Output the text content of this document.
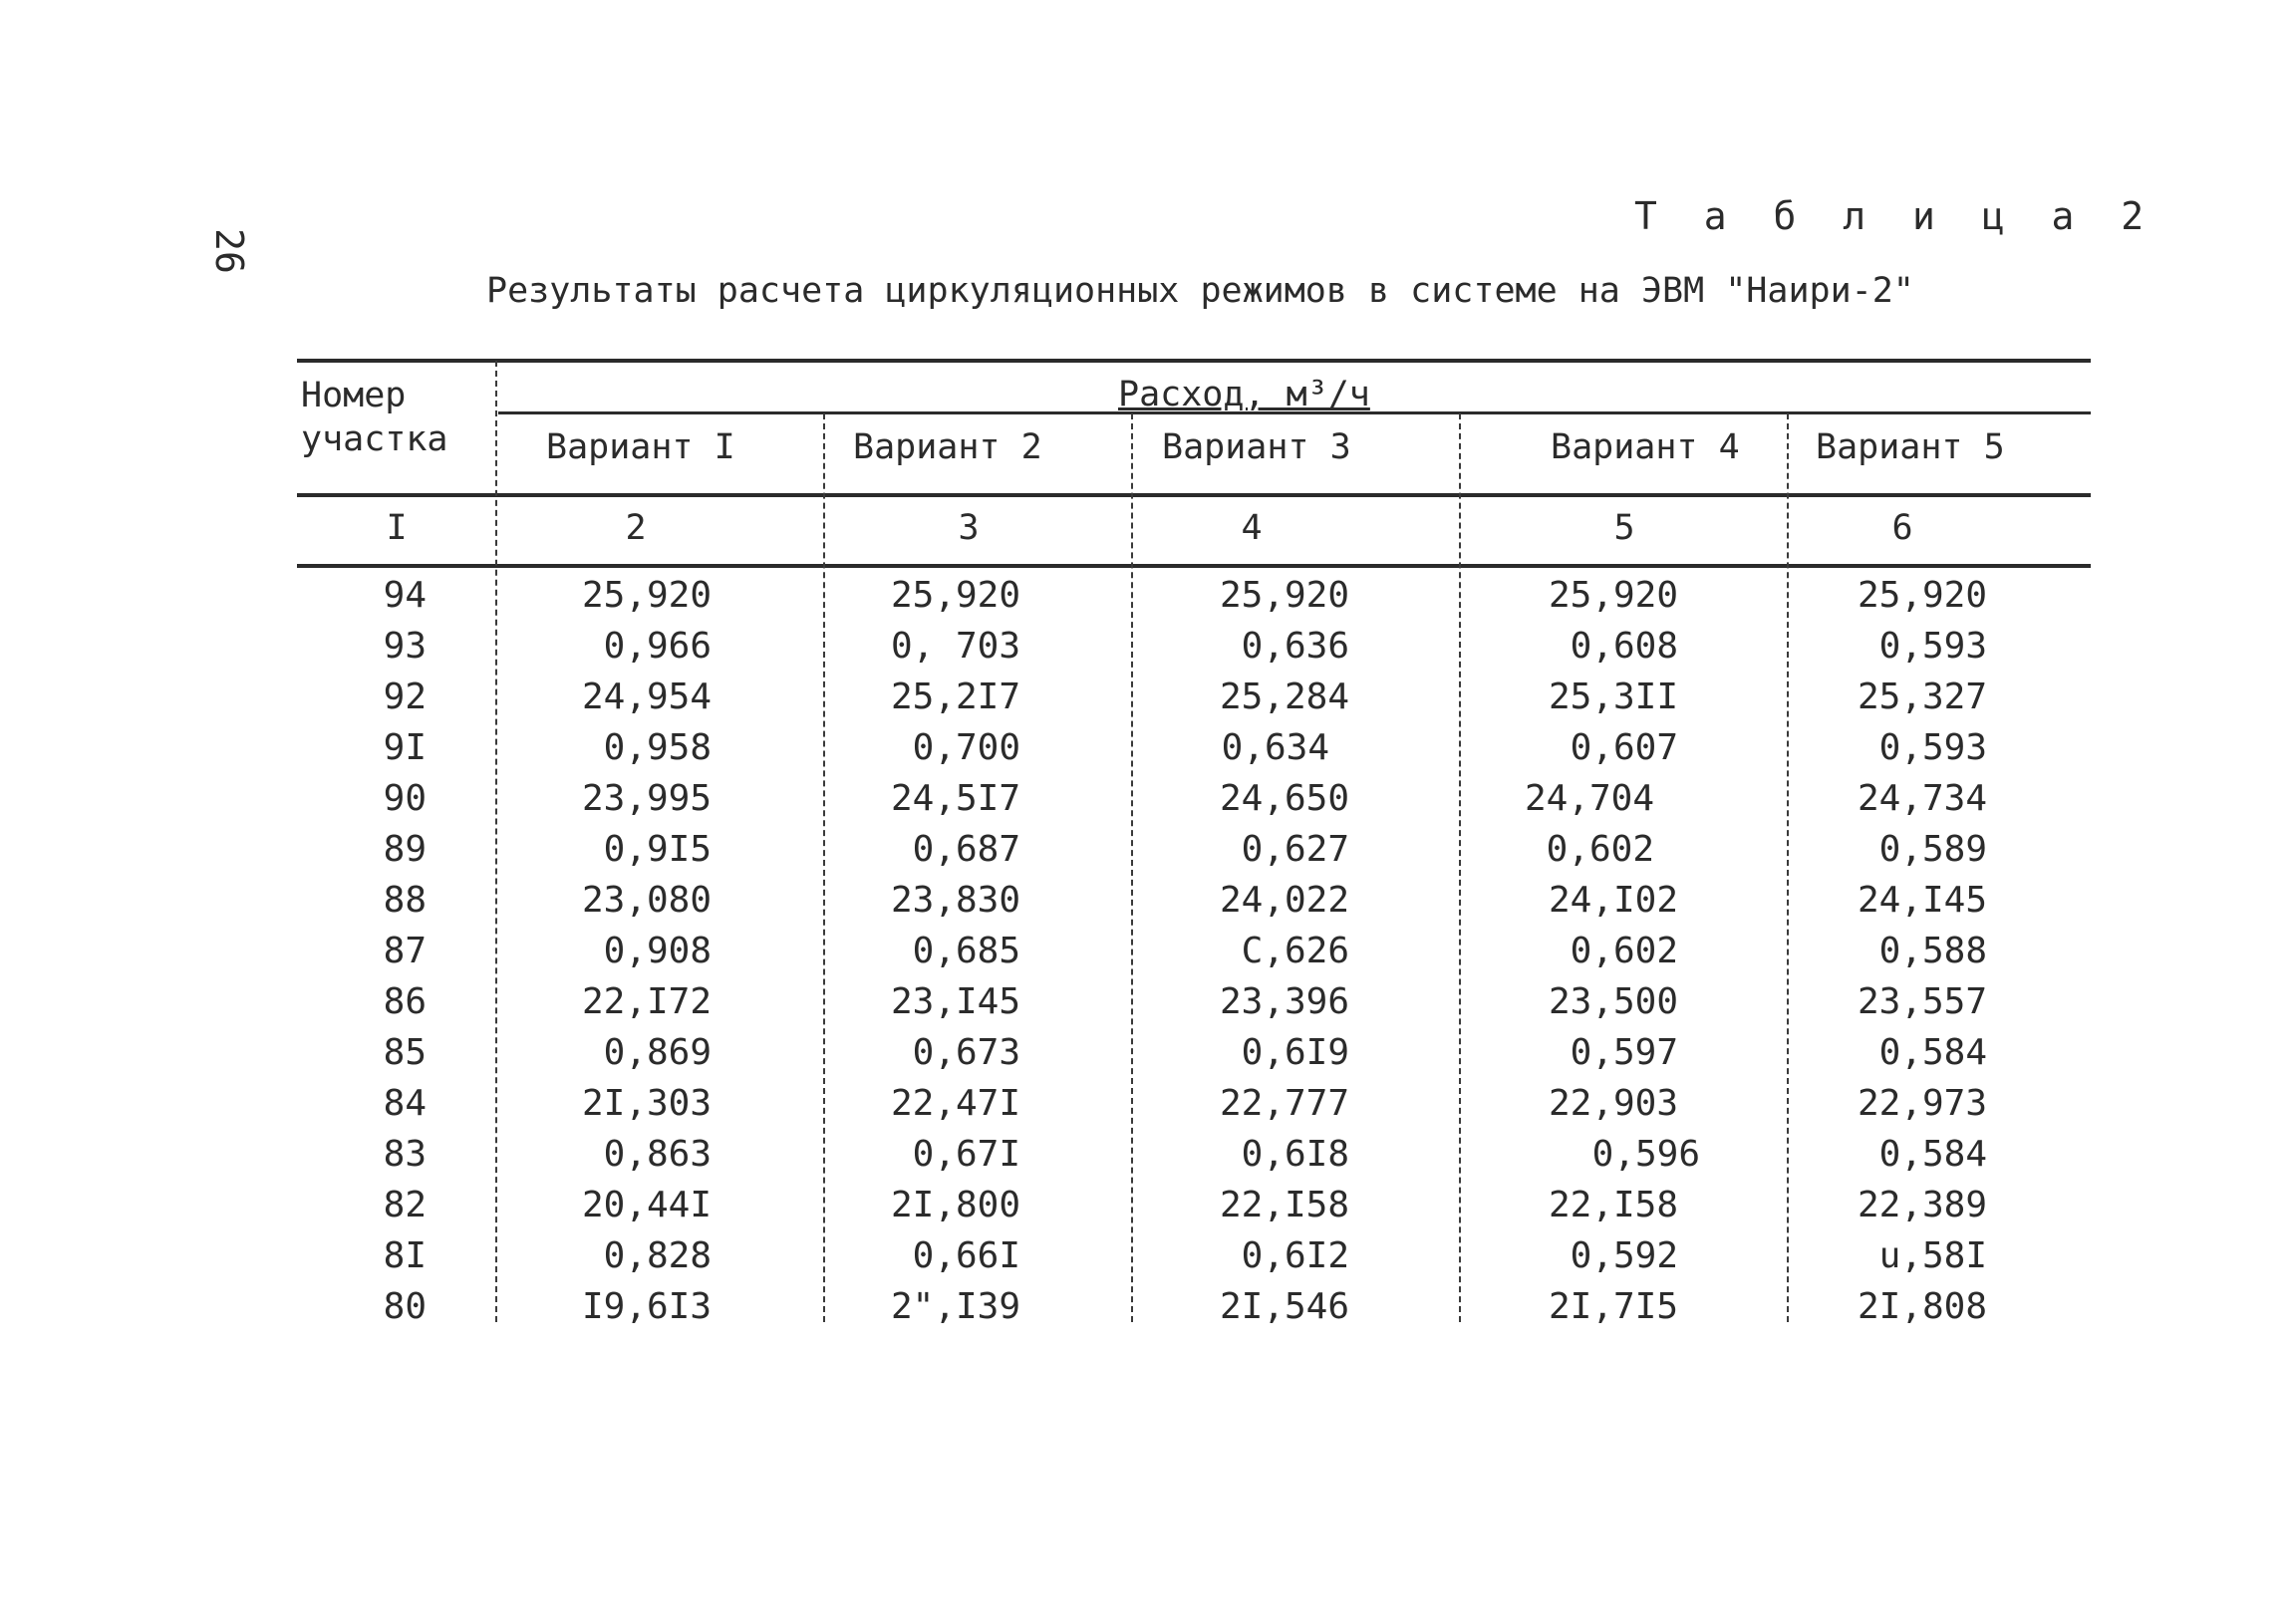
26
Т а б л и ц а 2
Результаты расчета циркуляционных режимов в системе на ЭВМ "Наири-2"
Номер
участка
Расход, м³/ч
Вариант I	Вариант 2	Вариант 3	Вариант 4 Вариант 5
I	2	3	4	5	6
94	25,920	25,920	25,920	25,920	25,920
93	0,966	0, 703	0,636	0,608	0,593
92	24,954	25,2I7	25,284	25,3II	25,327
9I	0,958	0,700	0,634	0,607	0,593
90	23,995	24,5I7	24,650	24,704	24,734
89	0,9I5	0,687	0,627	0,602	0,589
88	23,080	23,830	24,022	24,I02	24,I45
87	0,908	0,685	C,626	0,602	0,588
86	22,I72	23,I45	23,396	23,500	23,557
85	0,869	0,673	0,6I9	0,597	0,584
84	2I,303	22,47I	22,777	22,903	22,973
83	0,863	0,67I	0,6I8	0,596	0,584
82	20,44I	2I,800	22,I58	22,I58	22,389
8I	0,828	0,66I	0,6I2	0,592	u,58I
80	I9,6I3	2",I39	2I,546	2I,7I5	2I,808
